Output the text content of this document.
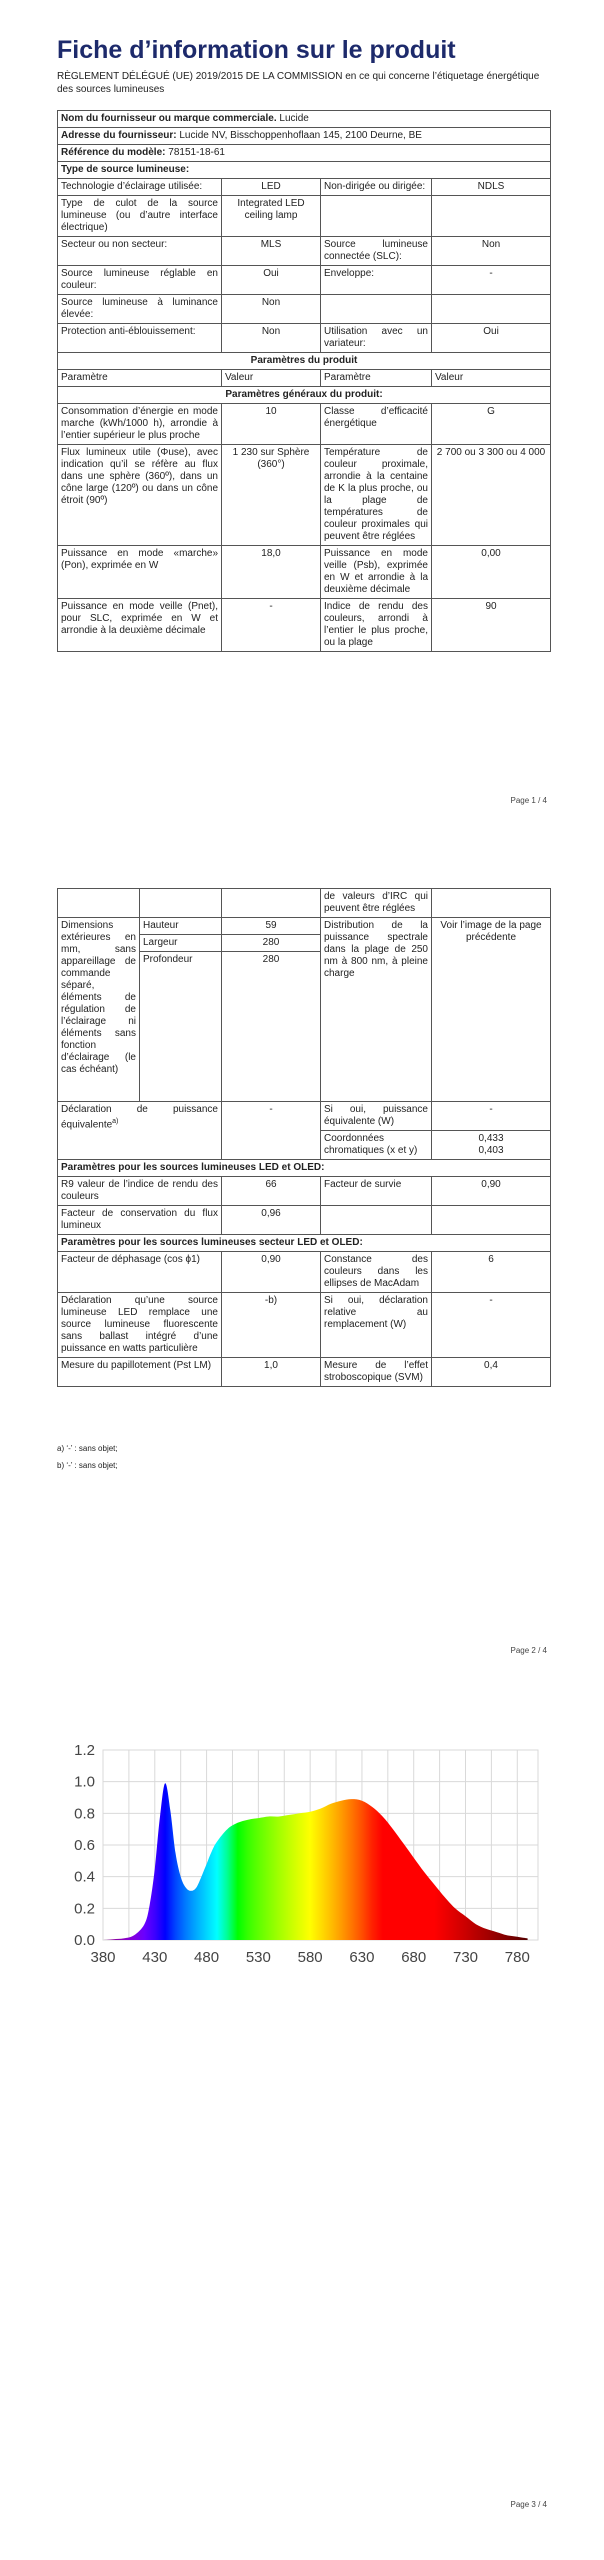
Fiche d’information sur le produit
RÈGLEMENT DÉLÉGUÉ (UE) 2019/2015 DE LA COMMISSION en ce qui concerne l’étiquetage énergétique des sources lumineuses
Nom du fournisseur ou marque commerciale. Lucide			
Adresse du fournisseur: Lucide NV, Bisschoppenhoflaan 145, 2100 Deurne, BE			
Référence du modèle: 78151-18-61			
Type de source lumineuse:			
Technologie d’éclairage utilisée:	LED	Non-dirigée ou dirigée:	NDLS
Type de culot de la source lumineuse (ou d’autre interface électrique)	Integrated LED ceiling lamp		
Secteur ou non secteur:	MLS	Source lumineuse connectée (SLC):	Non
Source lumineuse réglable en couleur:	Oui	Enveloppe:	-
Source lumineuse à luminance élevée:	Non		
Protection anti-éblouissement:	Non	Utilisation avec un variateur:	Oui
Paramètres du produit			
Paramètre	Valeur	Paramètre	Valeur
Paramètres généraux du produit:			
Consommation d’énergie en mode marche (kWh/1000 h), arrondie à l’entier supérieur le plus proche	10	Classe d’efficacité énergétique	G
Flux lumineux utile (Φuse), avec indication qu’il se réfère au flux dans une sphère (360º), dans un cône large (120º) ou dans un cône étroit (90º)	1 230 sur Sphère (360°)	Température de couleur proximale, arrondie à la centaine de K la plus proche, ou la plage de températures de couleur proximales qui peuvent être réglées	2 700 ou 3 300 ou 4 000
Puissance en mode «marche» (Pon), exprimée en W	18,0	Puissance en mode veille (Psb), exprimée en W et arrondie à la deuxième décimale	0,00
Puissance en mode veille (Pnet), pour SLC, exprimée en W et arrondie à la deuxième décimale	-	Indice de rendu des couleurs, arrondi à l’entier le plus proche, ou la plage	90
Page 1 / 4
			de valeurs d’IRC qui peuvent être réglées	
Dimensions extérieures en mm, sans appareillage de commande séparé, éléments de régulation de l’éclairage ni éléments sans fonction d’éclairage (le cas échéant)	Hauteur	59	Distribution de la puissance spectrale dans la plage de 250 nm à 800 nm, à pleine charge	Voir l’image de la page précédente
	Largeur	280		
	Profondeur	280		
Déclaration de puissance équivalente$^{a)}$		-	Si oui, puissance équivalente (W)	-
			Coordonnées chromatiques (x et y)	0,433
0,403

Paramètres pour les sources lumineuses LED et OLED:				
R9 valeur de l’indice de rendu des couleurs		66	Facteur de survie	0,90
Facteur de conservation du flux lumineux		0,96		
Paramètres pour les sources lumineuses secteur LED et OLED:				
Facteur de déphasage (cos ϕ1)		0,90	Constance des couleurs dans les ellipses de MacAdam	6
Déclaration qu’une source lumineuse LED remplace une source lumineuse fluorescente sans ballast intégré d’une puissance en watts particulière		-b)	Si oui, déclaration relative au remplacement (W)	-
Mesure du papillotement (Pst LM)		1,0	Mesure de l’effet stroboscopique (SVM)	0,4
a) ‘-’ : sans objet;
b) ‘-’ : sans objet;
Page 2 / 4
0.0
0.2
0.4
0.6
0.8
1.0
1.2
380 430 480 530 580 630 680 730 780
Page 3 / 4
